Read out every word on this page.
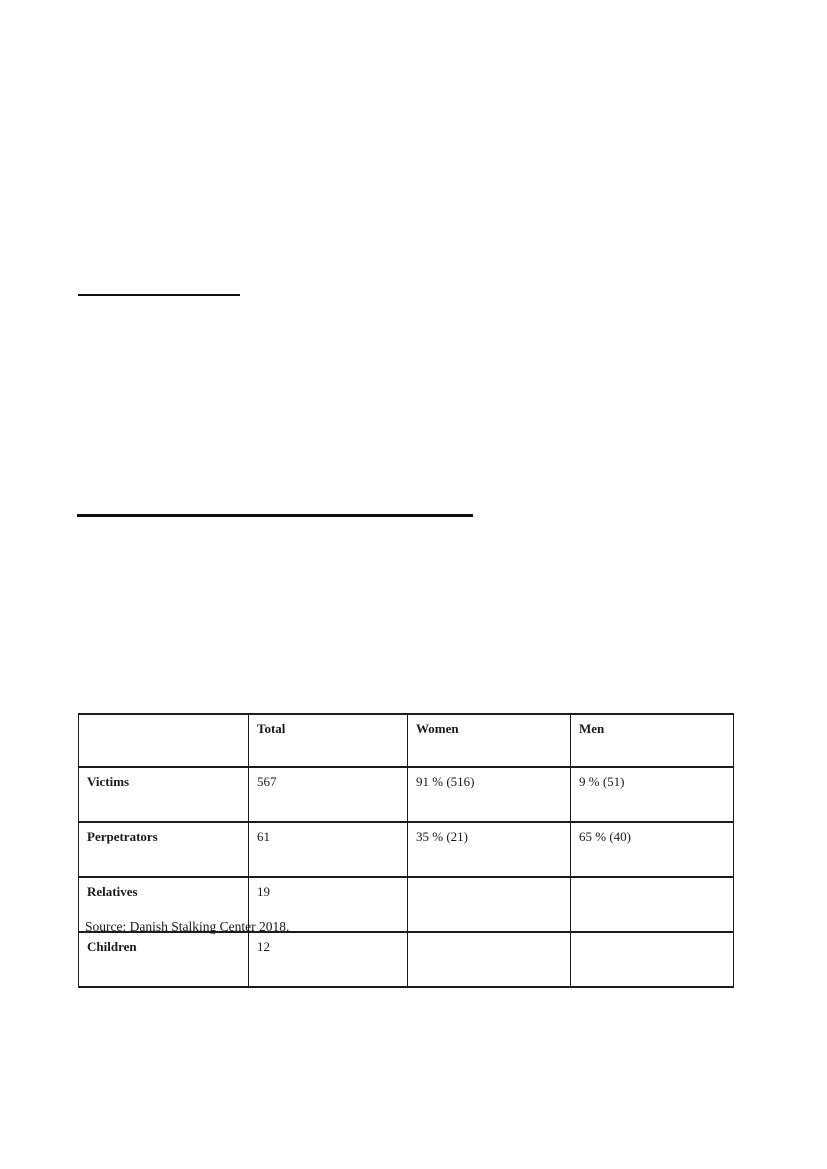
	Total	Women	Men
Victims	567	91 % (516)	9 % (51)
Perpetrators	61	35 % (21)	65 % (40)
Relatives	19		
Children	12		
Source: Danish Stalking Center 2018.
